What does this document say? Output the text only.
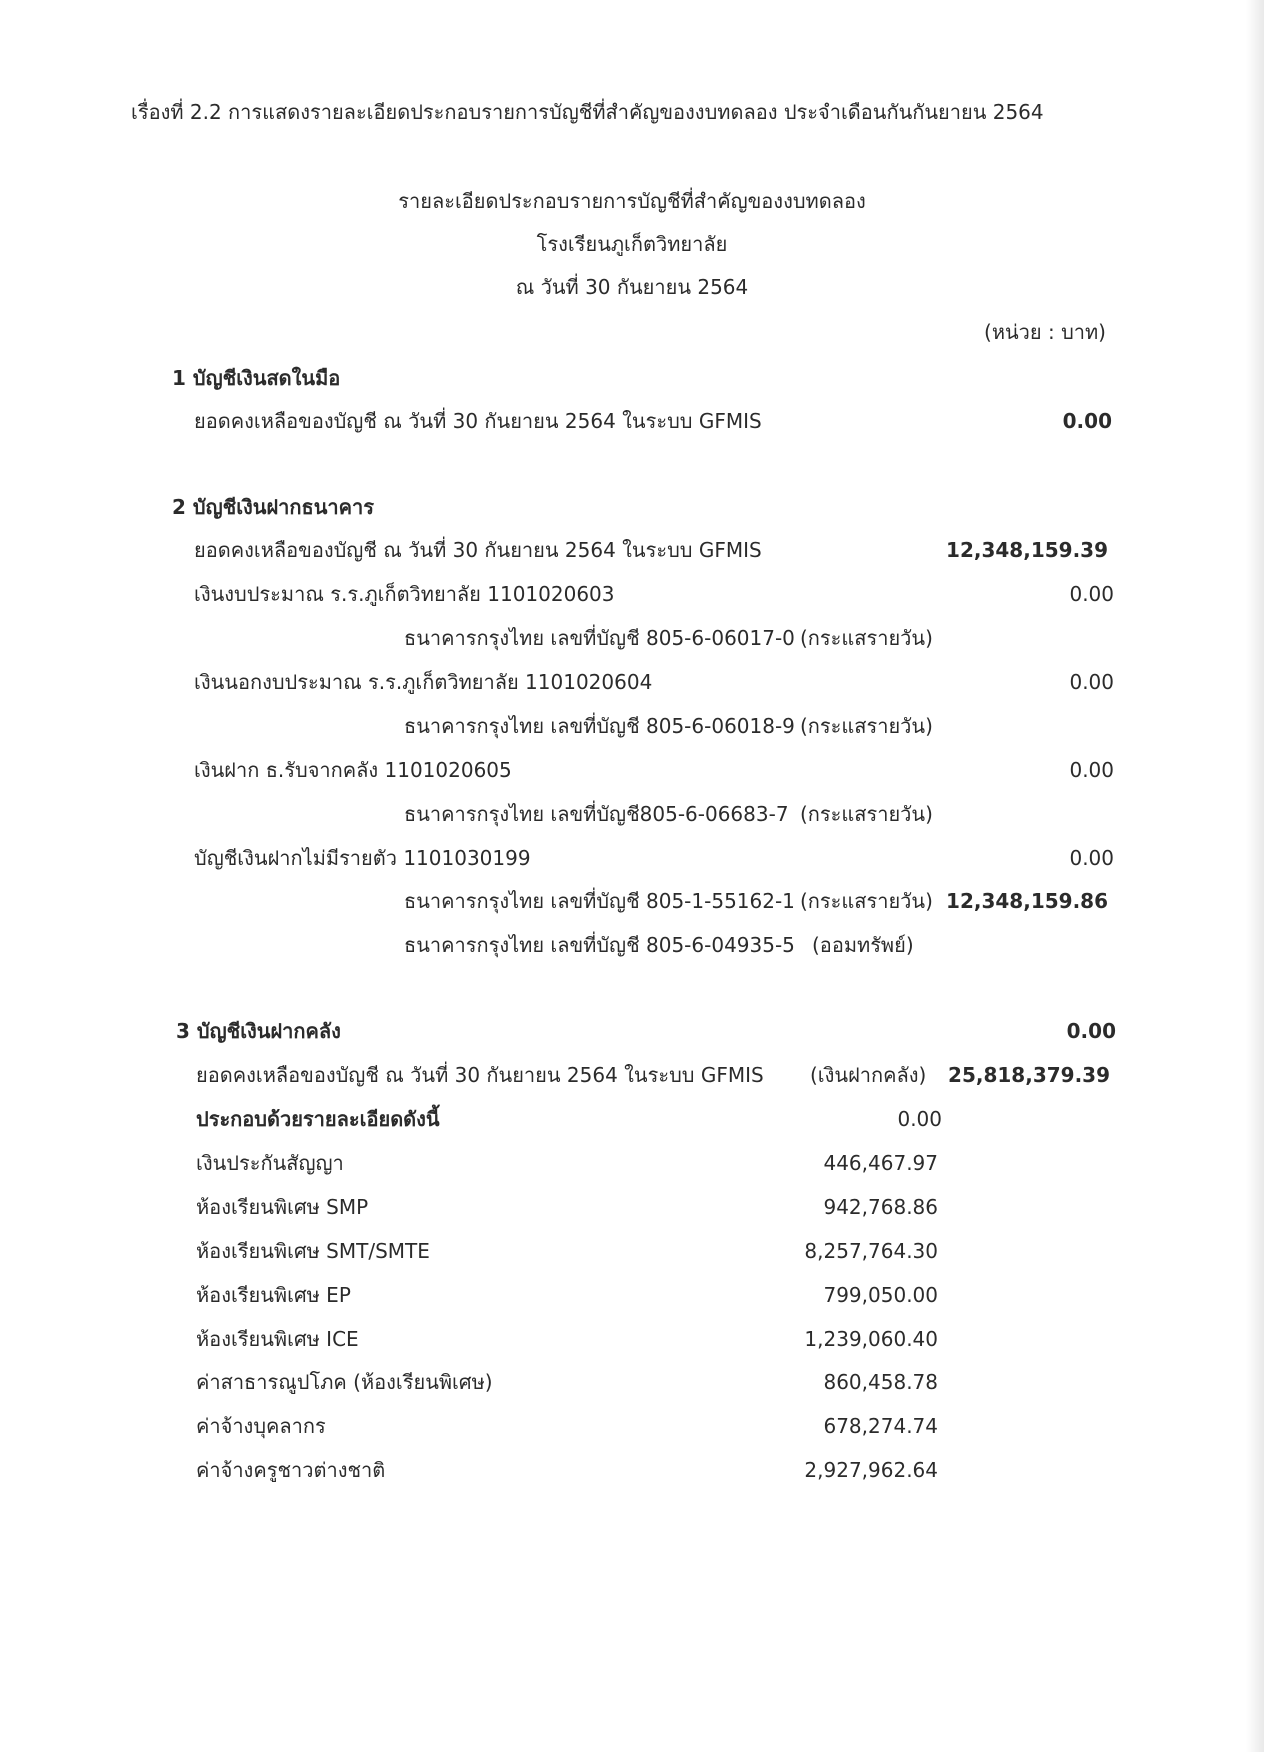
เรื่องที่ 2.2 การแสดงรายละเอียดประกอบรายการบัญชีที่สำคัญของงบทดลอง ประจำเดือนกันกันยายน 2564
รายละเอียดประกอบรายการบัญชีที่สำคัญของงบทดลอง
โรงเรียนภูเก็ตวิทยาลัย
ณ วันที่ 30 กันยายน 2564
(หน่วย : บาท)
1 บัญชีเงินสดในมือ
ยอดคงเหลือของบัญชี ณ วันที่ 30 กันยายน 2564 ในระบบ GFMIS	0.00
2 บัญชีเงินฝากธนาคาร
ยอดคงเหลือของบัญชี ณ วันที่ 30 กันยายน 2564 ในระบบ GFMIS	12,348,159.39
เงินงบประมาณ ร.ร.ภูเก็ตวิทยาลัย 1101020603	0.00
ธนาคารกรุงไทย เลขที่บัญชี 805-6-06017-0 (กระแสรายวัน)
เงินนอกงบประมาณ ร.ร.ภูเก็ตวิทยาลัย 1101020604	0.00
ธนาคารกรุงไทย เลขที่บัญชี 805-6-06018-9 (กระแสรายวัน)
เงินฝาก ธ.รับจากคลัง 1101020605	0.00
ธนาคารกรุงไทย เลขที่บัญชี805-6-06683-7 (กระแสรายวัน)
บัญชีเงินฝากไม่มีรายตัว 1101030199	0.00
ธนาคารกรุงไทย เลขที่บัญชี 805-1-55162-1 (กระแสรายวัน) 12,348,159.86
ธนาคารกรุงไทย เลขที่บัญชี 805-6-04935-5 (ออมทรัพย์)
3 บัญชีเงินฝากคลัง	0.00
ยอดคงเหลือของบัญชี ณ วันที่ 30 กันยายน 2564 ในระบบ GFMIS (เงินฝากคลัง)	25,818,379.39
ประกอบด้วยรายละเอียดดังนี้	0.00
เงินประกันสัญญา	446,467.97
ห้องเรียนพิเศษ SMP	942,768.86
ห้องเรียนพิเศษ SMT/SMTE	8,257,764.30
ห้องเรียนพิเศษ EP	799,050.00
ห้องเรียนพิเศษ ICE	1,239,060.40
ค่าสาธารณูปโภค (ห้องเรียนพิเศษ)	860,458.78
ค่าจ้างบุคลากร	678,274.74
ค่าจ้างครูชาวต่างชาติ	2,927,962.64
